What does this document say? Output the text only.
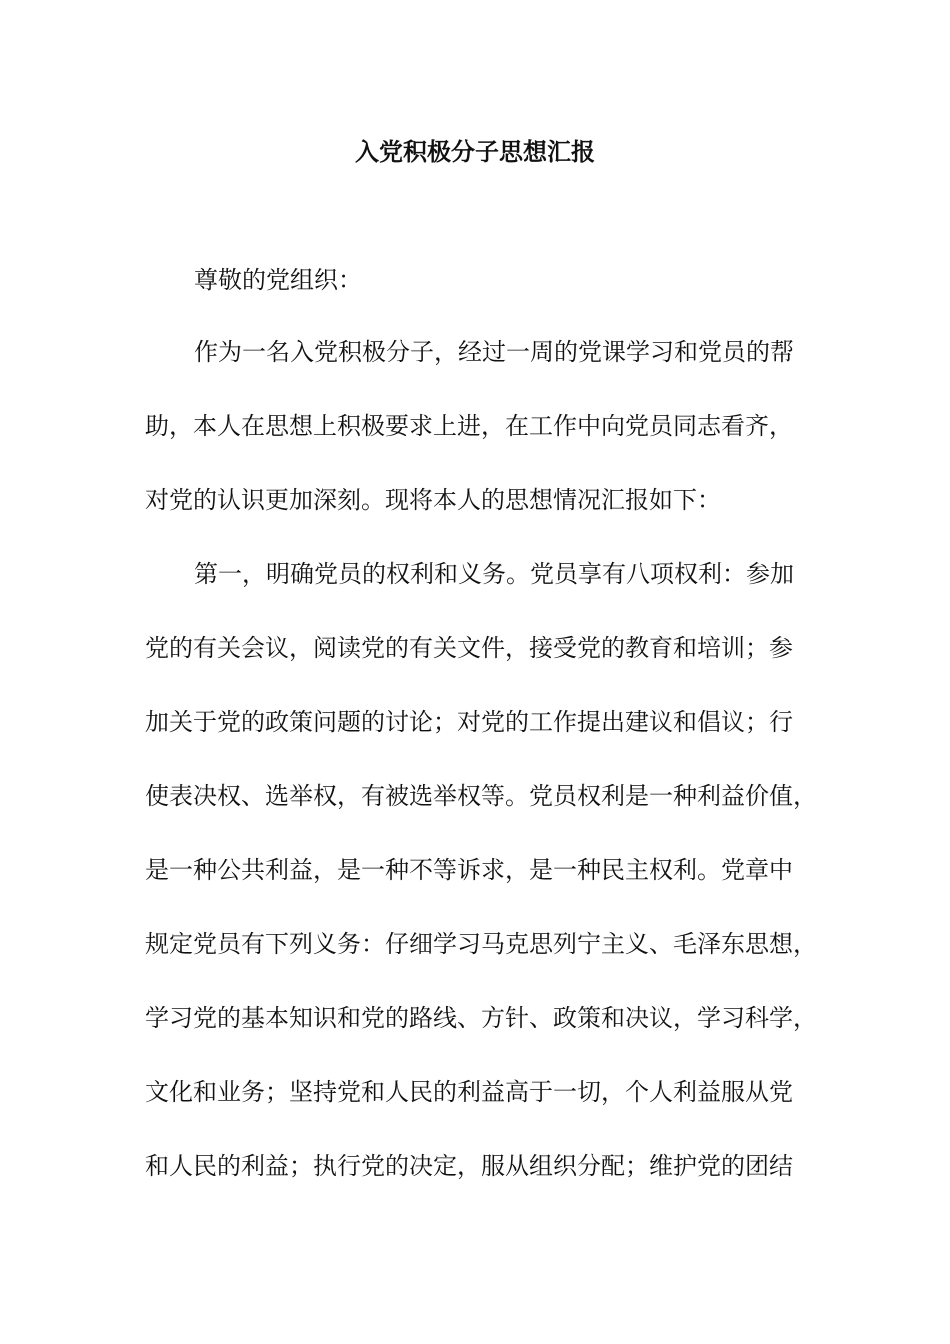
入党积极分子思想汇报
尊敬的党组织：
作为一名入党积极分子，经过一周的党课学习和党员的帮
助，本人在思想上积极要求上进，在工作中向党员同志看齐，
对党的认识更加深刻。现将本人的思想情况汇报如下：
第一，明确党员的权利和义务。党员享有八项权利：参加
党的有关会议，阅读党的有关文件，接受党的教育和培训；参
加关于党的政策问题的讨论；对党的工作提出建议和倡议；行
使表决权、选举权，有被选举权等。党员权利是一种利益价值，
是一种公共利益，是一种不等诉求，是一种民主权利。党章中
规定党员有下列义务：仔细学习马克思列宁主义、毛泽东思想，
学习党的基本知识和党的路线、方针、政策和决议，学习科学，
文化和业务；坚持党和人民的利益高于一切，个人利益服从党
和人民的利益；执行党的决定，服从组织分配；维护党的团结
